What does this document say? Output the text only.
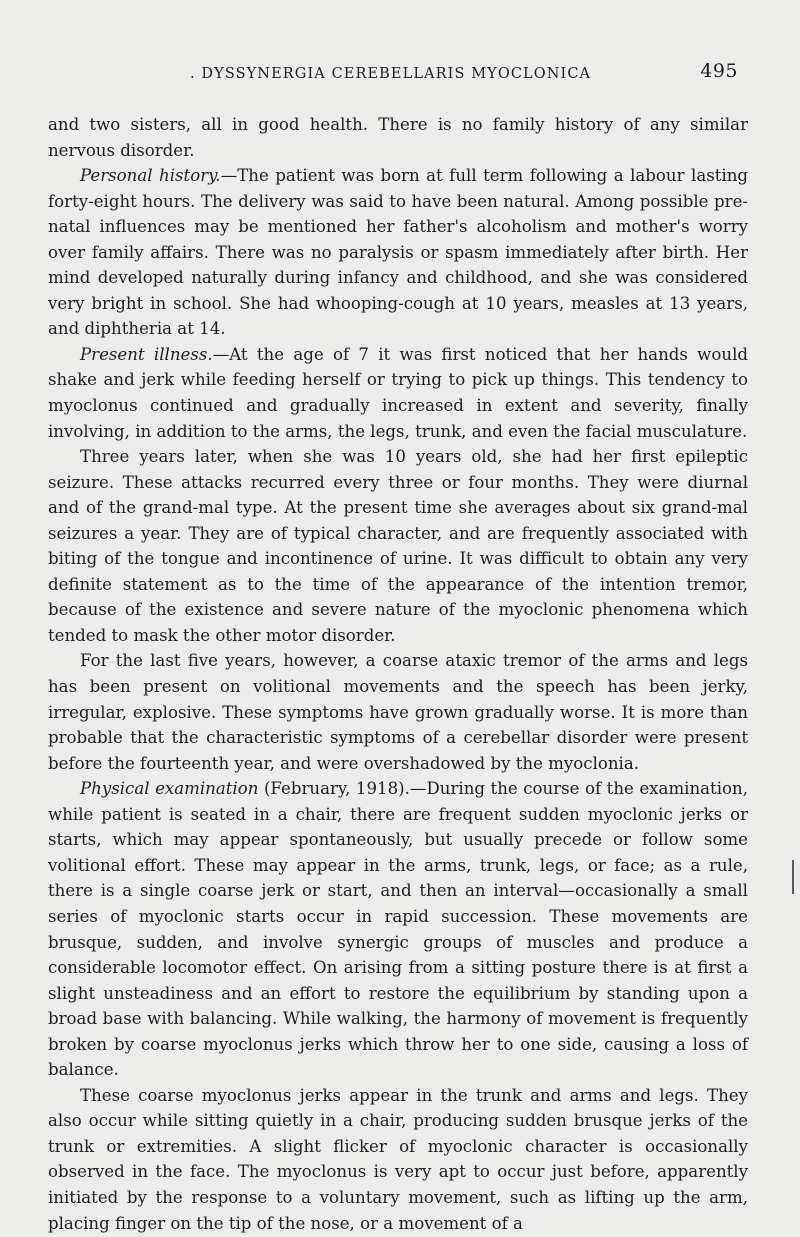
. DYSSYNERGIA CEREBELLARIS MYOCLONICA	495

and two sisters, all in good health. There is no family history of any similar nervous disorder.

Personal history.—The patient was born at full term following a labour lasting forty-eight hours. The delivery was said to have been natural. Among possible pre-natal influences may be mentioned her father's alcoholism and mother's worry over family affairs. There was no paralysis or spasm immediately after birth. Her mind developed naturally during infancy and childhood, and she was considered very bright in school. She had whooping-cough at 10 years, measles at 13 years, and diphtheria at 14.

Present illness.—At the age of 7 it was first noticed that her hands would shake and jerk while feeding herself or trying to pick up things. This tendency to myoclonus continued and gradually increased in extent and severity, finally involving, in addition to the arms, the legs, trunk, and even the facial musculature.

Three years later, when she was 10 years old, she had her first epileptic seizure. These attacks recurred every three or four months. They were diurnal and of the grand-mal type. At the present time she averages about six grand-mal seizures a year. They are of typical character, and are frequently associated with biting of the tongue and incontinence of urine. It was difficult to obtain any very definite statement as to the time of the appearance of the intention tremor, because of the existence and severe nature of the myoclonic phenomena which tended to mask the other motor disorder.

For the last five years, however, a coarse ataxic tremor of the arms and legs has been present on volitional movements and the speech has been jerky, irregular, explosive. These symptoms have grown gradually worse. It is more than probable that the characteristic symptoms of a cerebellar disorder were present before the fourteenth year, and were overshadowed by the myoclonia.

Physical examination (February, 1918).—During the course of the examination, while patient is seated in a chair, there are frequent sudden myoclonic jerks or starts, which may appear spontaneously, but usually precede or follow some volitional effort. These may appear in the arms, trunk, legs, or face; as a rule, there is a single coarse jerk or start, and then an interval—occasionally a small series of myoclonic starts occur in rapid succession. These movements are brusque, sudden, and involve synergic groups of muscles and produce a considerable locomotor effect. On arising from a sitting posture there is at first a slight unsteadiness and an effort to restore the equilibrium by standing upon a broad base with balancing. While walking, the harmony of movement is frequently broken by coarse myoclonus jerks which throw her to one side, causing a loss of balance.

These coarse myoclonus jerks appear in the trunk and arms and legs. They also occur while sitting quietly in a chair, producing sudden brusque jerks of the trunk or extremities. A slight flicker of myoclonic character is occasionally observed in the face. The myoclonus is very apt to occur just before, apparently initiated by the response to a voluntary movement, such as lifting up the arm, placing finger on the tip of the nose, or a movement of a
